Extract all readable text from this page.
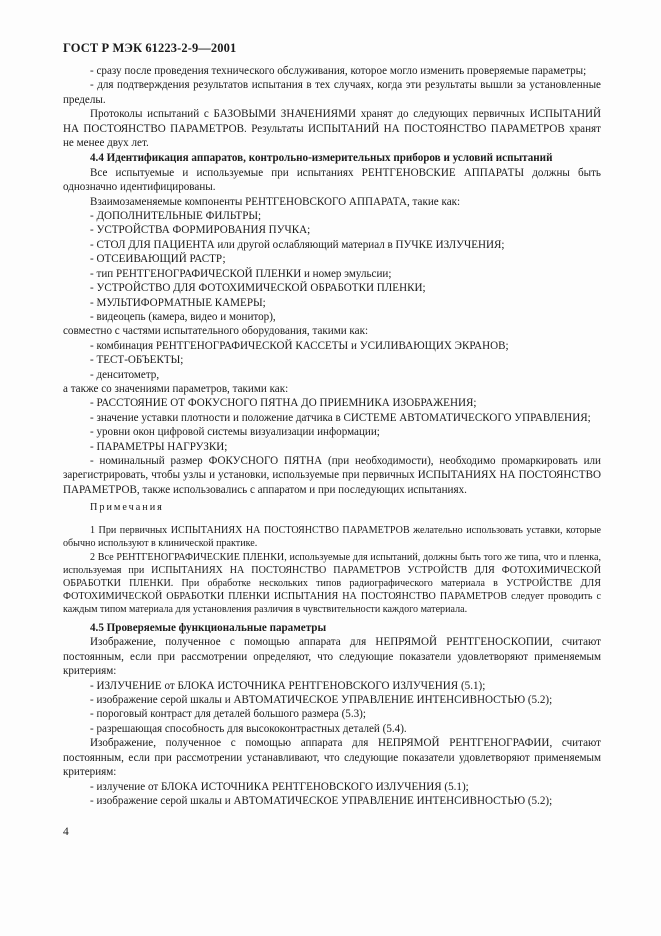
ГОСТ Р МЭК 61223-2-9—2001

- сразу после проведения технического обслуживания, которое могло изменить проверяемые параметры;

- для подтверждения результатов испытания в тех случаях, когда эти результаты вышли за установленные пределы.

Протоколы испытаний с БАЗОВЫМИ ЗНАЧЕНИЯМИ хранят до следующих первичных ИСПЫТАНИЙ НА ПОСТОЯНСТВО ПАРАМЕТРОВ. Результаты ИСПЫТАНИЙ НА ПОСТОЯНСТВО ПАРАМЕТРОВ хранят не менее двух лет.

4.4 Идентификация аппаратов, контрольно-измерительных приборов и условий испытаний

Все испытуемые и используемые при испытаниях РЕНТГЕНОВСКИЕ АППАРАТЫ должны быть однозначно идентифицированы.

Взаимозаменяемые компоненты РЕНТГЕНОВСКОГО АППАРАТА, такие как:

- ДОПОЛНИТЕЛЬНЫЕ ФИЛЬТРЫ;

- УСТРОЙСТВА ФОРМИРОВАНИЯ ПУЧКА;

- СТОЛ ДЛЯ ПАЦИЕНТА или другой ослабляющий материал в ПУЧКЕ ИЗЛУЧЕНИЯ;

- ОТСЕИВАЮЩИЙ РАСТР;

- тип РЕНТГЕНОГРАФИЧЕСКОЙ ПЛЕНКИ и номер эмульсии;

- УСТРОЙСТВО ДЛЯ ФОТОХИМИЧЕСКОЙ ОБРАБОТКИ ПЛЕНКИ;

- МУЛЬТИФОРМАТНЫЕ КАМЕРЫ;

- видеоцепь (камера, видео и монитор),

совместно с частями испытательного оборудования, такими как:

- комбинация РЕНТГЕНОГРАФИЧЕСКОЙ КАССЕТЫ и УСИЛИВАЮЩИХ ЭКРАНОВ;

- ТЕСТ-ОБЪЕКТЫ;

- денситометр,

а также со значениями параметров, такими как:

- РАССТОЯНИЕ ОТ ФОКУСНОГО ПЯТНА ДО ПРИЕМНИКА ИЗОБРАЖЕНИЯ;

- значение уставки плотности и положение датчика в СИСТЕМЕ АВТОМАТИЧЕСКОГО УПРАВЛЕНИЯ;

- уровни окон цифровой системы визуализации информации;

- ПАРАМЕТРЫ НАГРУЗКИ;

- номинальный размер ФОКУСНОГО ПЯТНА (при необходимости), необходимо промаркировать или зарегистрировать, чтобы узлы и установки, используемые при первичных ИСПЫТАНИЯХ НА ПОСТОЯНСТВО ПАРАМЕТРОВ, также использовались с аппаратом и при последующих испытаниях.

Примечания

1 При первичных ИСПЫТАНИЯХ НА ПОСТОЯНСТВО ПАРАМЕТРОВ желательно использовать уставки, которые обычно используют в клинической практике.

2 Все РЕНТГЕНОГРАФИЧЕСКИЕ ПЛЕНКИ, используемые для испытаний, должны быть того же типа, что и пленка, используемая при ИСПЫТАНИЯХ НА ПОСТОЯНСТВО ПАРАМЕТРОВ УСТРОЙСТВ ДЛЯ ФОТОХИМИЧЕСКОЙ ОБРАБОТКИ ПЛЕНКИ. При обработке нескольких типов радиографического материала в УСТРОЙСТВЕ ДЛЯ ФОТОХИМИЧЕСКОЙ ОБРАБОТКИ ПЛЕНКИ ИСПЫТАНИЯ НА ПОСТОЯНСТВО ПАРАМЕТРОВ следует проводить с каждым типом материала для установления различия в чувствительности каждого материала.

4.5 Проверяемые функциональные параметры

Изображение, полученное с помощью аппарата для НЕПРЯМОЙ РЕНТГЕНОСКОПИИ, считают постоянным, если при рассмотрении определяют, что следующие показатели удовлетворяют применяемым критериям:

- ИЗЛУЧЕНИЕ от БЛОКА ИСТОЧНИКА РЕНТГЕНОВСКОГО ИЗЛУЧЕНИЯ (5.1);

- изображение серой шкалы и АВТОМАТИЧЕСКОЕ УПРАВЛЕНИЕ ИНТЕНСИВНОСТЬЮ (5.2);

- пороговый контраст для деталей большого размера (5.3);

- разрешающая способность для высококонтрастных деталей (5.4).

Изображение, полученное с помощью аппарата для НЕПРЯМОЙ РЕНТГЕНОГРАФИИ, считают постоянным, если при рассмотрении устанавливают, что следующие показатели удовлетворяют применяемым критериям:

- излучение от БЛОКА ИСТОЧНИКА РЕНТГЕНОВСКОГО ИЗЛУЧЕНИЯ (5.1);

- изображение серой шкалы и АВТОМАТИЧЕСКОЕ УПРАВЛЕНИЕ ИНТЕНСИВНОСТЬЮ (5.2);

4
